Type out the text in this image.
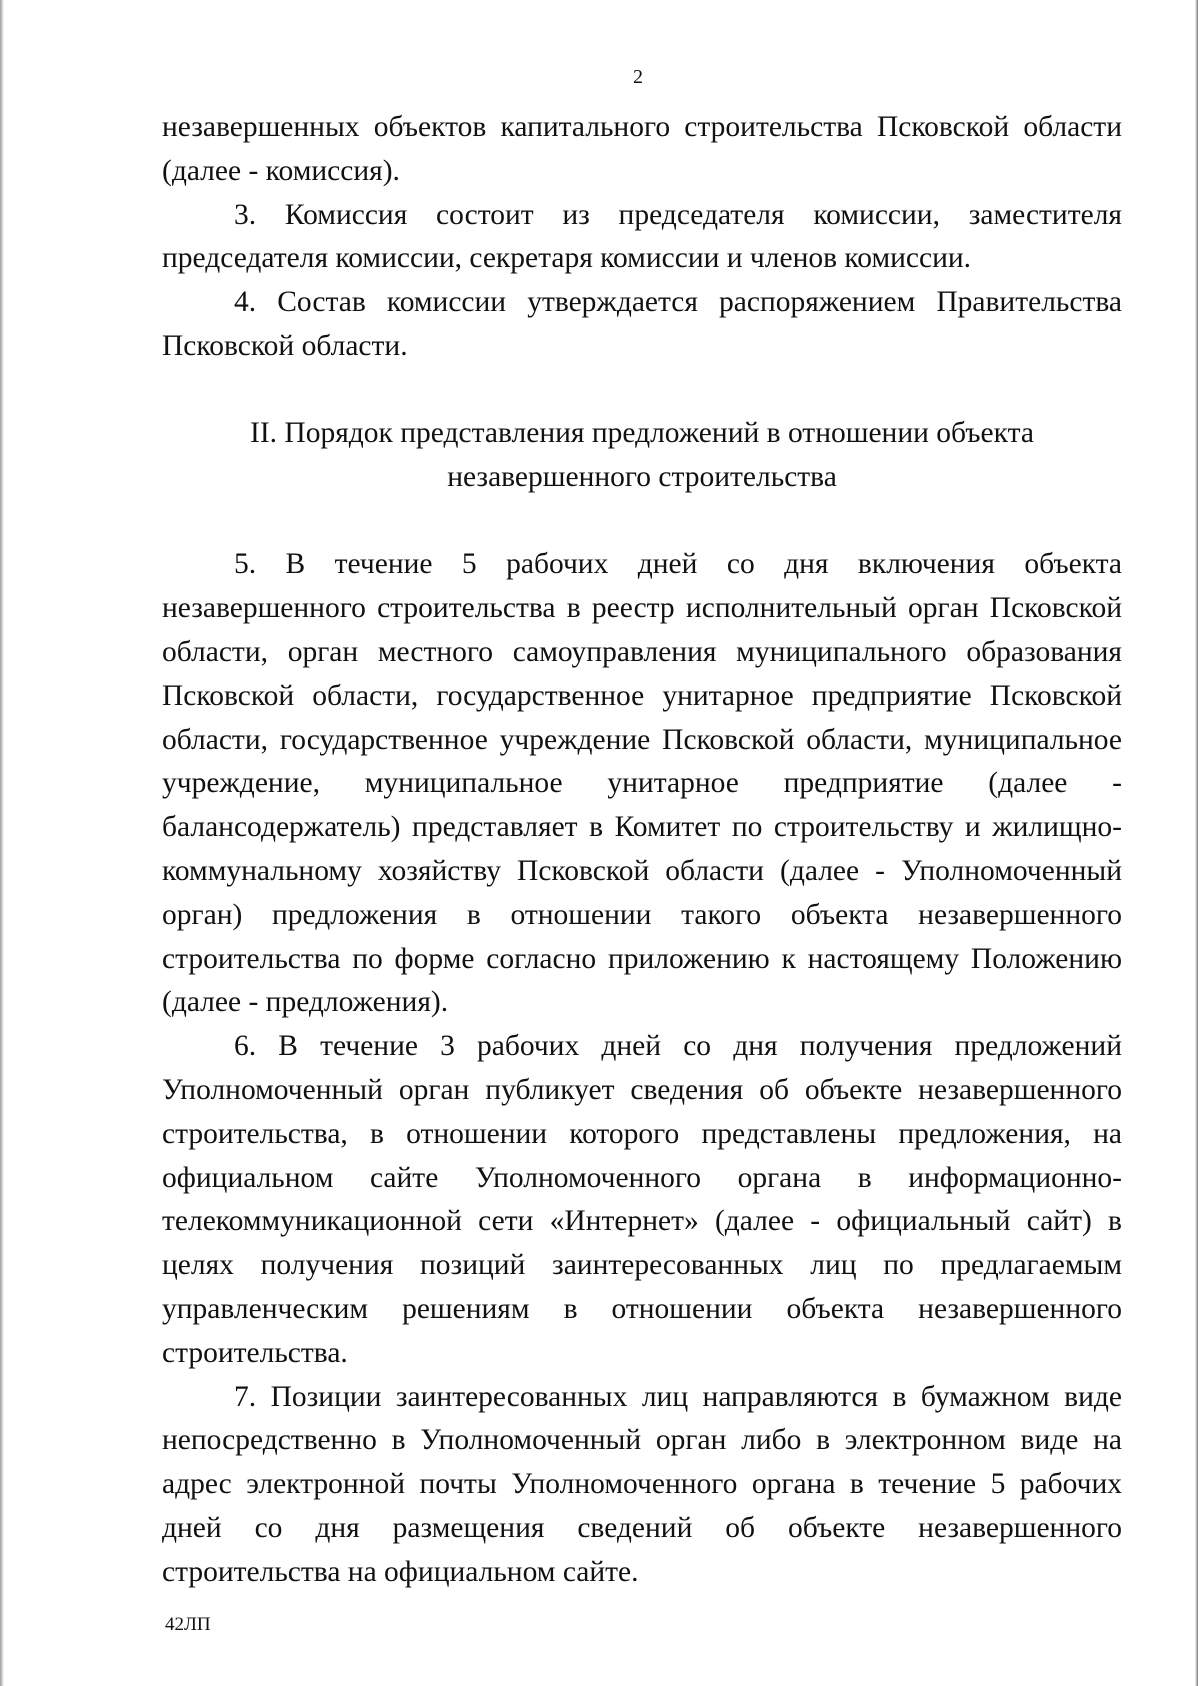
2

незавершенных объектов капитального строительства Псковской области (далее - комиссия).

3. Комиссия состоит из председателя комиссии, заместителя председателя комиссии, секретаря комиссии и членов комиссии.

4. Состав комиссии утверждается распоряжением Правительства Псковской области.

II. Порядок представления предложений в отношении объекта
незавершенного строительства

5. В течение 5 рабочих дней со дня включения объекта незавершенного строительства в реестр исполнительный орган Псковской области, орган местного самоуправления муниципального образования Псковской области, государственное унитарное предприятие Псковской области, государственное учреждение Псковской области, муниципальное учреждение, муниципальное унитарное предприятие (далее - балансодержатель) представляет в Комитет по строительству и жилищно-коммунальному хозяйству Псковской области (далее - Уполномоченный орган) предложения в отношении такого объекта незавершенного строительства по форме согласно приложению к настоящему Положению (далее - предложения).

6. В течение 3 рабочих дней со дня получения предложений Уполномоченный орган публикует сведения об объекте незавершенного строительства, в отношении которого представлены предложения, на официальном сайте Уполномоченного органа в информационно-телекоммуникационной сети «Интернет» (далее - официальный сайт) в целях получения позиций заинтересованных лиц по предлагаемым управленческим решениям в отношении объекта незавершенного строительства.

7. Позиции заинтересованных лиц направляются в бумажном виде непосредственно в Уполномоченный орган либо в электронном виде на адрес электронной почты Уполномоченного органа в течение 5 рабочих дней со дня размещения сведений об объекте незавершенного строительства на официальном сайте.

42ЛП
